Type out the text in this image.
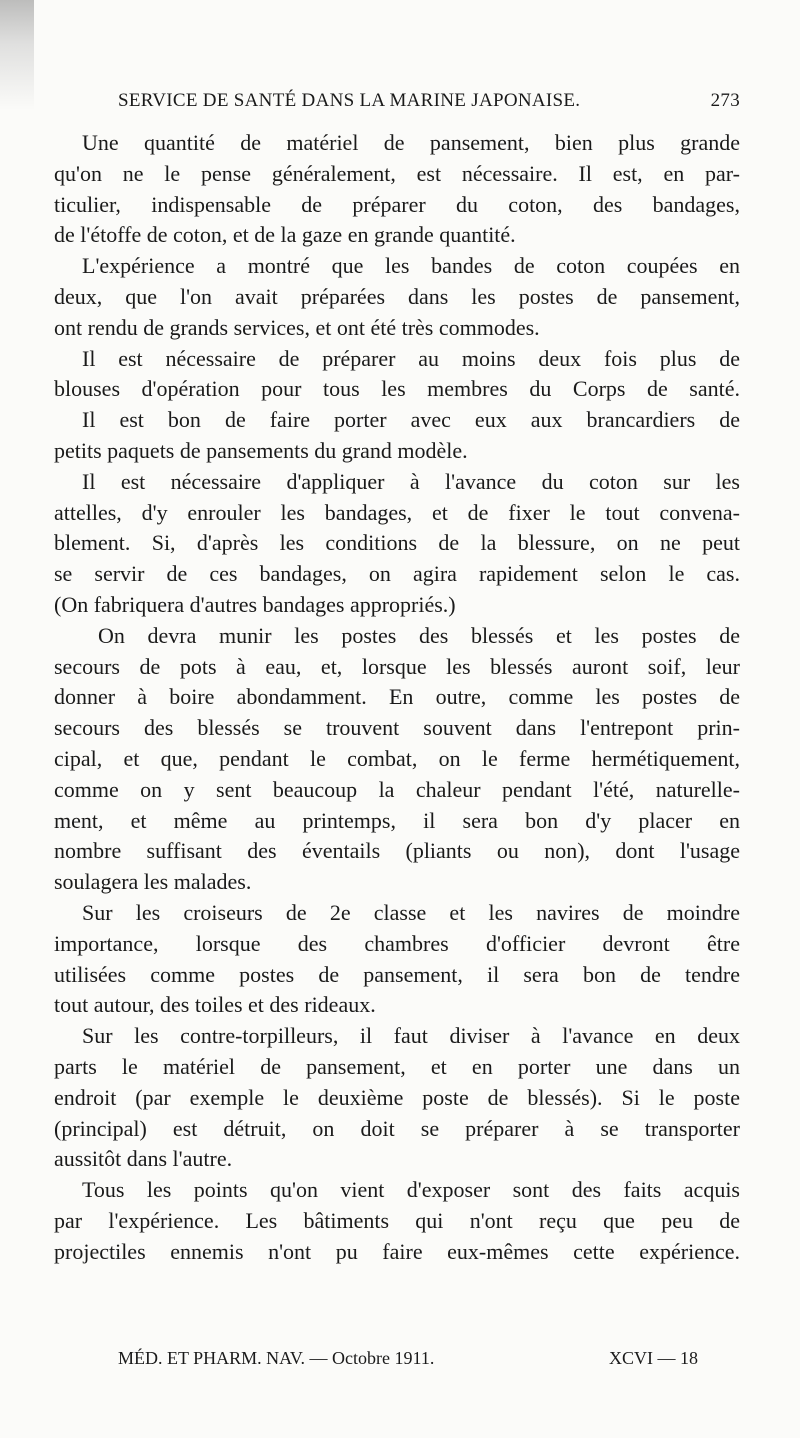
SERVICE DE SANTÉ DANS LA MARINE JAPONAISE.	273
Une quantité de matériel de pansement, bien plus grande
qu'on ne le pense généralement, est nécessaire. Il est, en par-
ticulier, indispensable de préparer du coton, des bandages,
de l'étoffe de coton, et de la gaze en grande quantité.
L'expérience a montré que les bandes de coton coupées en
deux, que l'on avait préparées dans les postes de pansement,
ont rendu de grands services, et ont été très commodes.
Il est nécessaire de préparer au moins deux fois plus de
blouses d'opération pour tous les membres du Corps de santé.
Il est bon de faire porter avec eux aux brancardiers de
petits paquets de pansements du grand modèle.
Il est nécessaire d'appliquer à l'avance du coton sur les
attelles, d'y enrouler les bandages, et de fixer le tout convena-
blement. Si, d'après les conditions de la blessure, on ne peut
se servir de ces bandages, on agira rapidement selon le cas.
(On fabriquera d'autres bandages appropriés.)
On devra munir les postes des blessés et les postes de
secours de pots à eau, et, lorsque les blessés auront soif, leur
donner à boire abondamment. En outre, comme les postes de
secours des blessés se trouvent souvent dans l'entrepont prin-
cipal, et que, pendant le combat, on le ferme hermétiquement,
comme on y sent beaucoup la chaleur pendant l'été, naturelle-
ment, et même au printemps, il sera bon d'y placer en
nombre suffisant des éventails (pliants ou non), dont l'usage
soulagera les malades.
Sur les croiseurs de 2e classe et les navires de moindre
importance, lorsque des chambres d'officier devront être
utilisées comme postes de pansement, il sera bon de tendre
tout autour, des toiles et des rideaux.
Sur les contre-torpilleurs, il faut diviser à l'avance en deux
parts le matériel de pansement, et en porter une dans un
endroit (par exemple le deuxième poste de blessés). Si le poste
(principal) est détruit, on doit se préparer à se transporter
aussitôt dans l'autre.
Tous les points qu'on vient d'exposer sont des faits acquis
par l'expérience. Les bâtiments qui n'ont reçu que peu de
projectiles ennemis n'ont pu faire eux-mêmes cette expérience.
MÉD. ET PHARM. NAV. — Octobre 1911.	XCVI — 18
